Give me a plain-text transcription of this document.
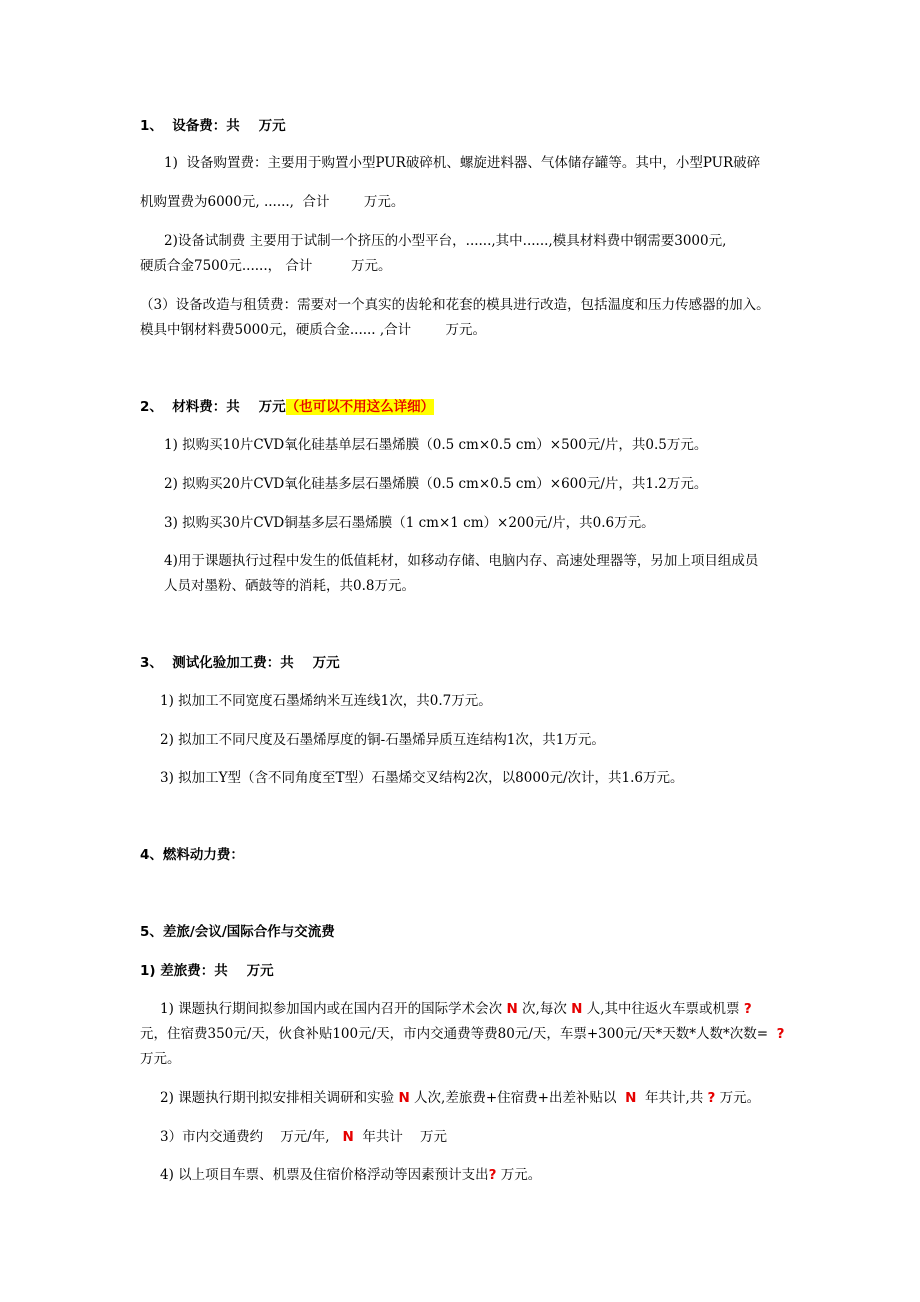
1、  设备费：共    万元
1)  设备购置费：主要用于购置小型PUR破碎机、螺旋进料器、气体储存罐等。其中，小型PUR破碎
机购置费为6000元, ......,  合计        万元。
2)设备试制费 主要用于试制一个挤压的小型平台，......,其中......,模具材料费中钢需要3000元,
硬质合金7500元......， 合计         万元。
（3）设备改造与租赁费：需要对一个真实的齿轮和花套的模具进行改造，包括温度和压力传感器的加入。
模具中钢材料费5000元，硬质合金...... ,合计        万元。
2、  材料费：共    万元（也可以不用这么详细）
1) 拟购买10片CVD氧化硅基单层石墨烯膜（0.5 cm×0.5 cm）×500元/片，共0.5万元。
2) 拟购买20片CVD氧化硅基多层石墨烯膜（0.5 cm×0.5 cm）×600元/片，共1.2万元。
3) 拟购买30片CVD铜基多层石墨烯膜（1 cm×1 cm）×200元/片，共0.6万元。
4)用于课题执行过程中发生的低值耗材，如移动存储、电脑内存、高速处理器等，另加上项目组成员
人员对墨粉、硒鼓等的消耗，共0.8万元。
3、  测试化验加工费：共    万元
1) 拟加工不同宽度石墨烯纳米互连线1次，共0.7万元。
2) 拟加工不同尺度及石墨烯厚度的铜-石墨烯异质互连结构1次，共1万元。
3) 拟加工Y型（含不同角度至T型）石墨烯交叉结构2次，以8000元/次计，共1.6万元。
4、燃料动力费：
5、差旅/会议/国际合作与交流费
1) 差旅费：共    万元
1) 课题执行期间拟参加国内或在国内召开的国际学术会次 N 次,每次 N 人,其中往返火车票或机票 ?
元，住宿费350元/天，伙食补贴100元/天，市内交通费等费80元/天，车票+300元/天*天数*人数*次数=  ?
万元。
2) 课题执行期刊拟安排相关调研和实验 N 人次,差旅费+住宿费+出差补贴以  N  年共计,共 ? 万元。
3）市内交通费约    万元/年,   N  年共计    万元
4) 以上项目车票、机票及住宿价格浮动等因素预计支出? 万元。
